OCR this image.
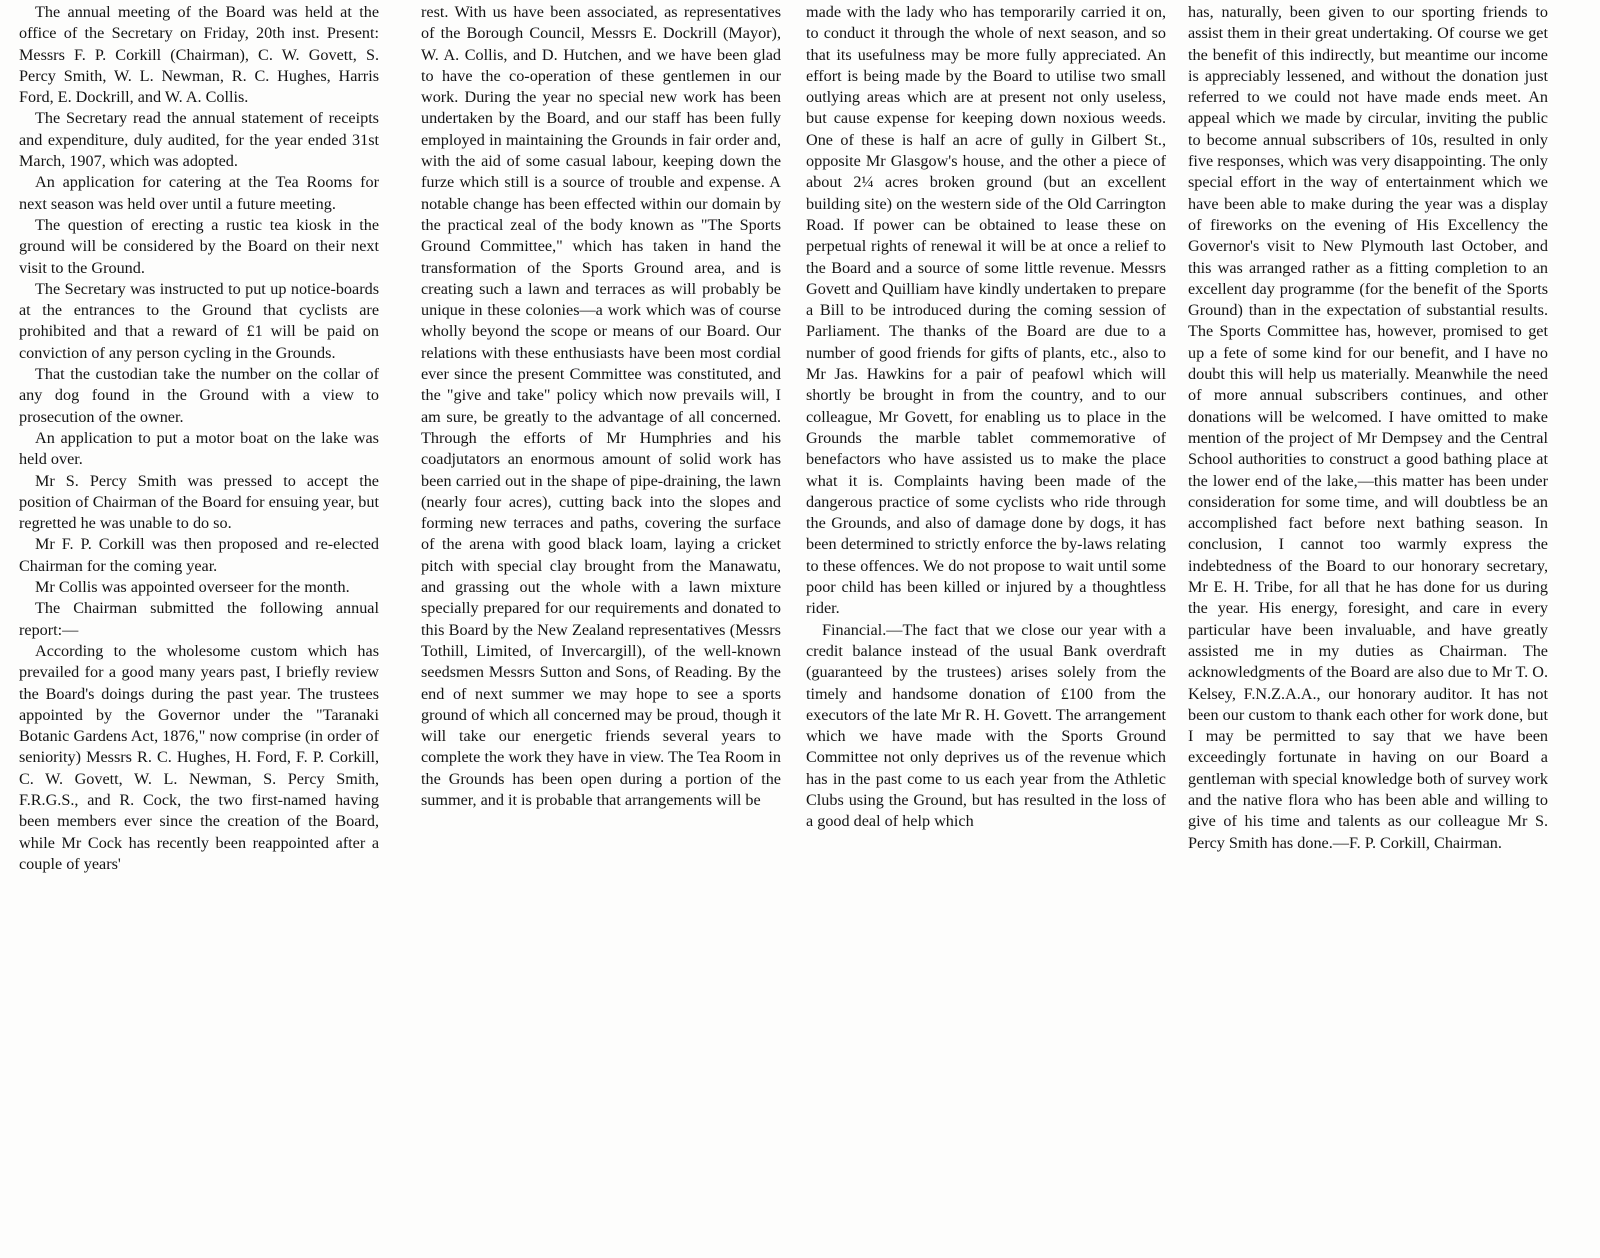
The annual meeting of the Board was held at the office of the Secretary on Friday, 20th inst. Present: Messrs F. P. Corkill (Chairman), C. W. Govett, S. Percy Smith, W. L. Newman, R. C. Hughes, Harris Ford, E. Dockrill, and W. A. Collis.

The Secretary read the annual statement of receipts and expenditure, duly audited, for the year ended 31st March, 1907, which was adopted.

An application for catering at the Tea Rooms for next season was held over until a future meeting.

The question of erecting a rustic tea kiosk in the ground will be considered by the Board on their next visit to the Ground.

The Secretary was instructed to put up notice-boards at the entrances to the Ground that cyclists are prohibited and that a reward of £1 will be paid on conviction of any person cycling in the Grounds.

That the custodian take the number on the collar of any dog found in the Ground with a view to prosecution of the owner.

An application to put a motor boat on the lake was held over.

Mr S. Percy Smith was pressed to accept the position of Chairman of the Board for ensuing year, but regretted he was unable to do so.

Mr F. P. Corkill was then proposed and re-elected Chairman for the coming year.

Mr Collis was appointed overseer for the month.

The Chairman submitted the following annual report:—

According to the wholesome custom which has prevailed for a good many years past, I briefly review the Board's doings during the past year. The trustees appointed by the Governor under the "Taranaki Botanic Gardens Act, 1876," now comprise (in order of seniority) Messrs R. C. Hughes, H. Ford, F. P. Corkill, C. W. Govett, W. L. Newman, S. Percy Smith, F.R.G.S., and R. Cock, the two first-named having been members ever since the creation of the Board, while Mr Cock has recently been reappointed after a couple of years'

rest. With us have been associated, as representatives of the Borough Council, Messrs E. Dockrill (Mayor), W. A. Collis, and D. Hutchen, and we have been glad to have the co-operation of these gentlemen in our work. During the year no special new work has been undertaken by the Board, and our staff has been fully employed in maintaining the Grounds in fair order and, with the aid of some casual labour, keeping down the furze which still is a source of trouble and expense. A notable change has been effected within our domain by the practical zeal of the body known as "The Sports Ground Committee," which has taken in hand the transformation of the Sports Ground area, and is creating such a lawn and terraces as will probably be unique in these colonies—a work which was of course wholly beyond the scope or means of our Board. Our relations with these enthusiasts have been most cordial ever since the present Committee was constituted, and the "give and take" policy which now prevails will, I am sure, be greatly to the advantage of all concerned. Through the efforts of Mr Humphries and his coadjutators an enormous amount of solid work has been carried out in the shape of pipe-draining, the lawn (nearly four acres), cutting back into the slopes and forming new terraces and paths, covering the surface of the arena with good black loam, laying a cricket pitch with special clay brought from the Manawatu, and grassing out the whole with a lawn mixture specially prepared for our requirements and donated to this Board by the New Zealand representatives (Messrs Tothill, Limited, of Invercargill), of the well-known seedsmen Messrs Sutton and Sons, of Reading. By the end of next summer we may hope to see a sports ground of which all concerned may be proud, though it will take our energetic friends several years to complete the work they have in view. The Tea Room in the Grounds has been open during a portion of the summer, and it is probable that arrangements will be

made with the lady who has temporarily carried it on, to conduct it through the whole of next season, and so that its usefulness may be more fully appreciated. An effort is being made by the Board to utilise two small outlying areas which are at present not only useless, but cause expense for keeping down noxious weeds. One of these is half an acre of gully in Gilbert St., opposite Mr Glasgow's house, and the other a piece of about 2¼ acres broken ground (but an excellent building site) on the western side of the Old Carrington Road. If power can be obtained to lease these on perpetual rights of renewal it will be at once a relief to the Board and a source of some little revenue. Messrs Govett and Quilliam have kindly undertaken to prepare a Bill to be introduced during the coming session of Parliament. The thanks of the Board are due to a number of good friends for gifts of plants, etc., also to Mr Jas. Hawkins for a pair of peafowl which will shortly be brought in from the country, and to our colleague, Mr Govett, for enabling us to place in the Grounds the marble tablet commemorative of benefactors who have assisted us to make the place what it is. Complaints having been made of the dangerous practice of some cyclists who ride through the Grounds, and also of damage done by dogs, it has been determined to strictly enforce the by-laws relating to these offences. We do not propose to wait until some poor child has been killed or injured by a thoughtless rider.

Financial.—The fact that we close our year with a credit balance instead of the usual Bank overdraft (guaranteed by the trustees) arises solely from the timely and handsome donation of £100 from the executors of the late Mr R. H. Govett. The arrangement which we have made with the Sports Ground Committee not only deprives us of the revenue which has in the past come to us each year from the Athletic Clubs using the Ground, but has resulted in the loss of a good deal of help which

has, naturally, been given to our sporting friends to assist them in their great undertaking. Of course we get the benefit of this indirectly, but meantime our income is appreciably lessened, and without the donation just referred to we could not have made ends meet. An appeal which we made by circular, inviting the public to become annual subscribers of 10s, resulted in only five responses, which was very disappointing. The only special effort in the way of entertainment which we have been able to make during the year was a display of fireworks on the evening of His Excellency the Governor's visit to New Plymouth last October, and this was arranged rather as a fitting completion to an excellent day programme (for the benefit of the Sports Ground) than in the expectation of substantial results. The Sports Committee has, however, promised to get up a fete of some kind for our benefit, and I have no doubt this will help us materially. Meanwhile the need of more annual subscribers continues, and other donations will be welcomed. I have omitted to make mention of the project of Mr Dempsey and the Central School authorities to construct a good bathing place at the lower end of the lake,—this matter has been under consideration for some time, and will doubtless be an accomplished fact before next bathing season. In conclusion, I cannot too warmly express the indebtedness of the Board to our honorary secretary, Mr E. H. Tribe, for all that he has done for us during the year. His energy, foresight, and care in every particular have been invaluable, and have greatly assisted me in my duties as Chairman. The acknowledgments of the Board are also due to Mr T. O. Kelsey, F.N.Z.A.A., our honorary auditor. It has not been our custom to thank each other for work done, but I may be permitted to say that we have been exceedingly fortunate in having on our Board a gentleman with special knowledge both of survey work and the native flora who has been able and willing to give of his time and talents as our colleague Mr S. Percy Smith has done.—F. P. Corkill, Chairman.
